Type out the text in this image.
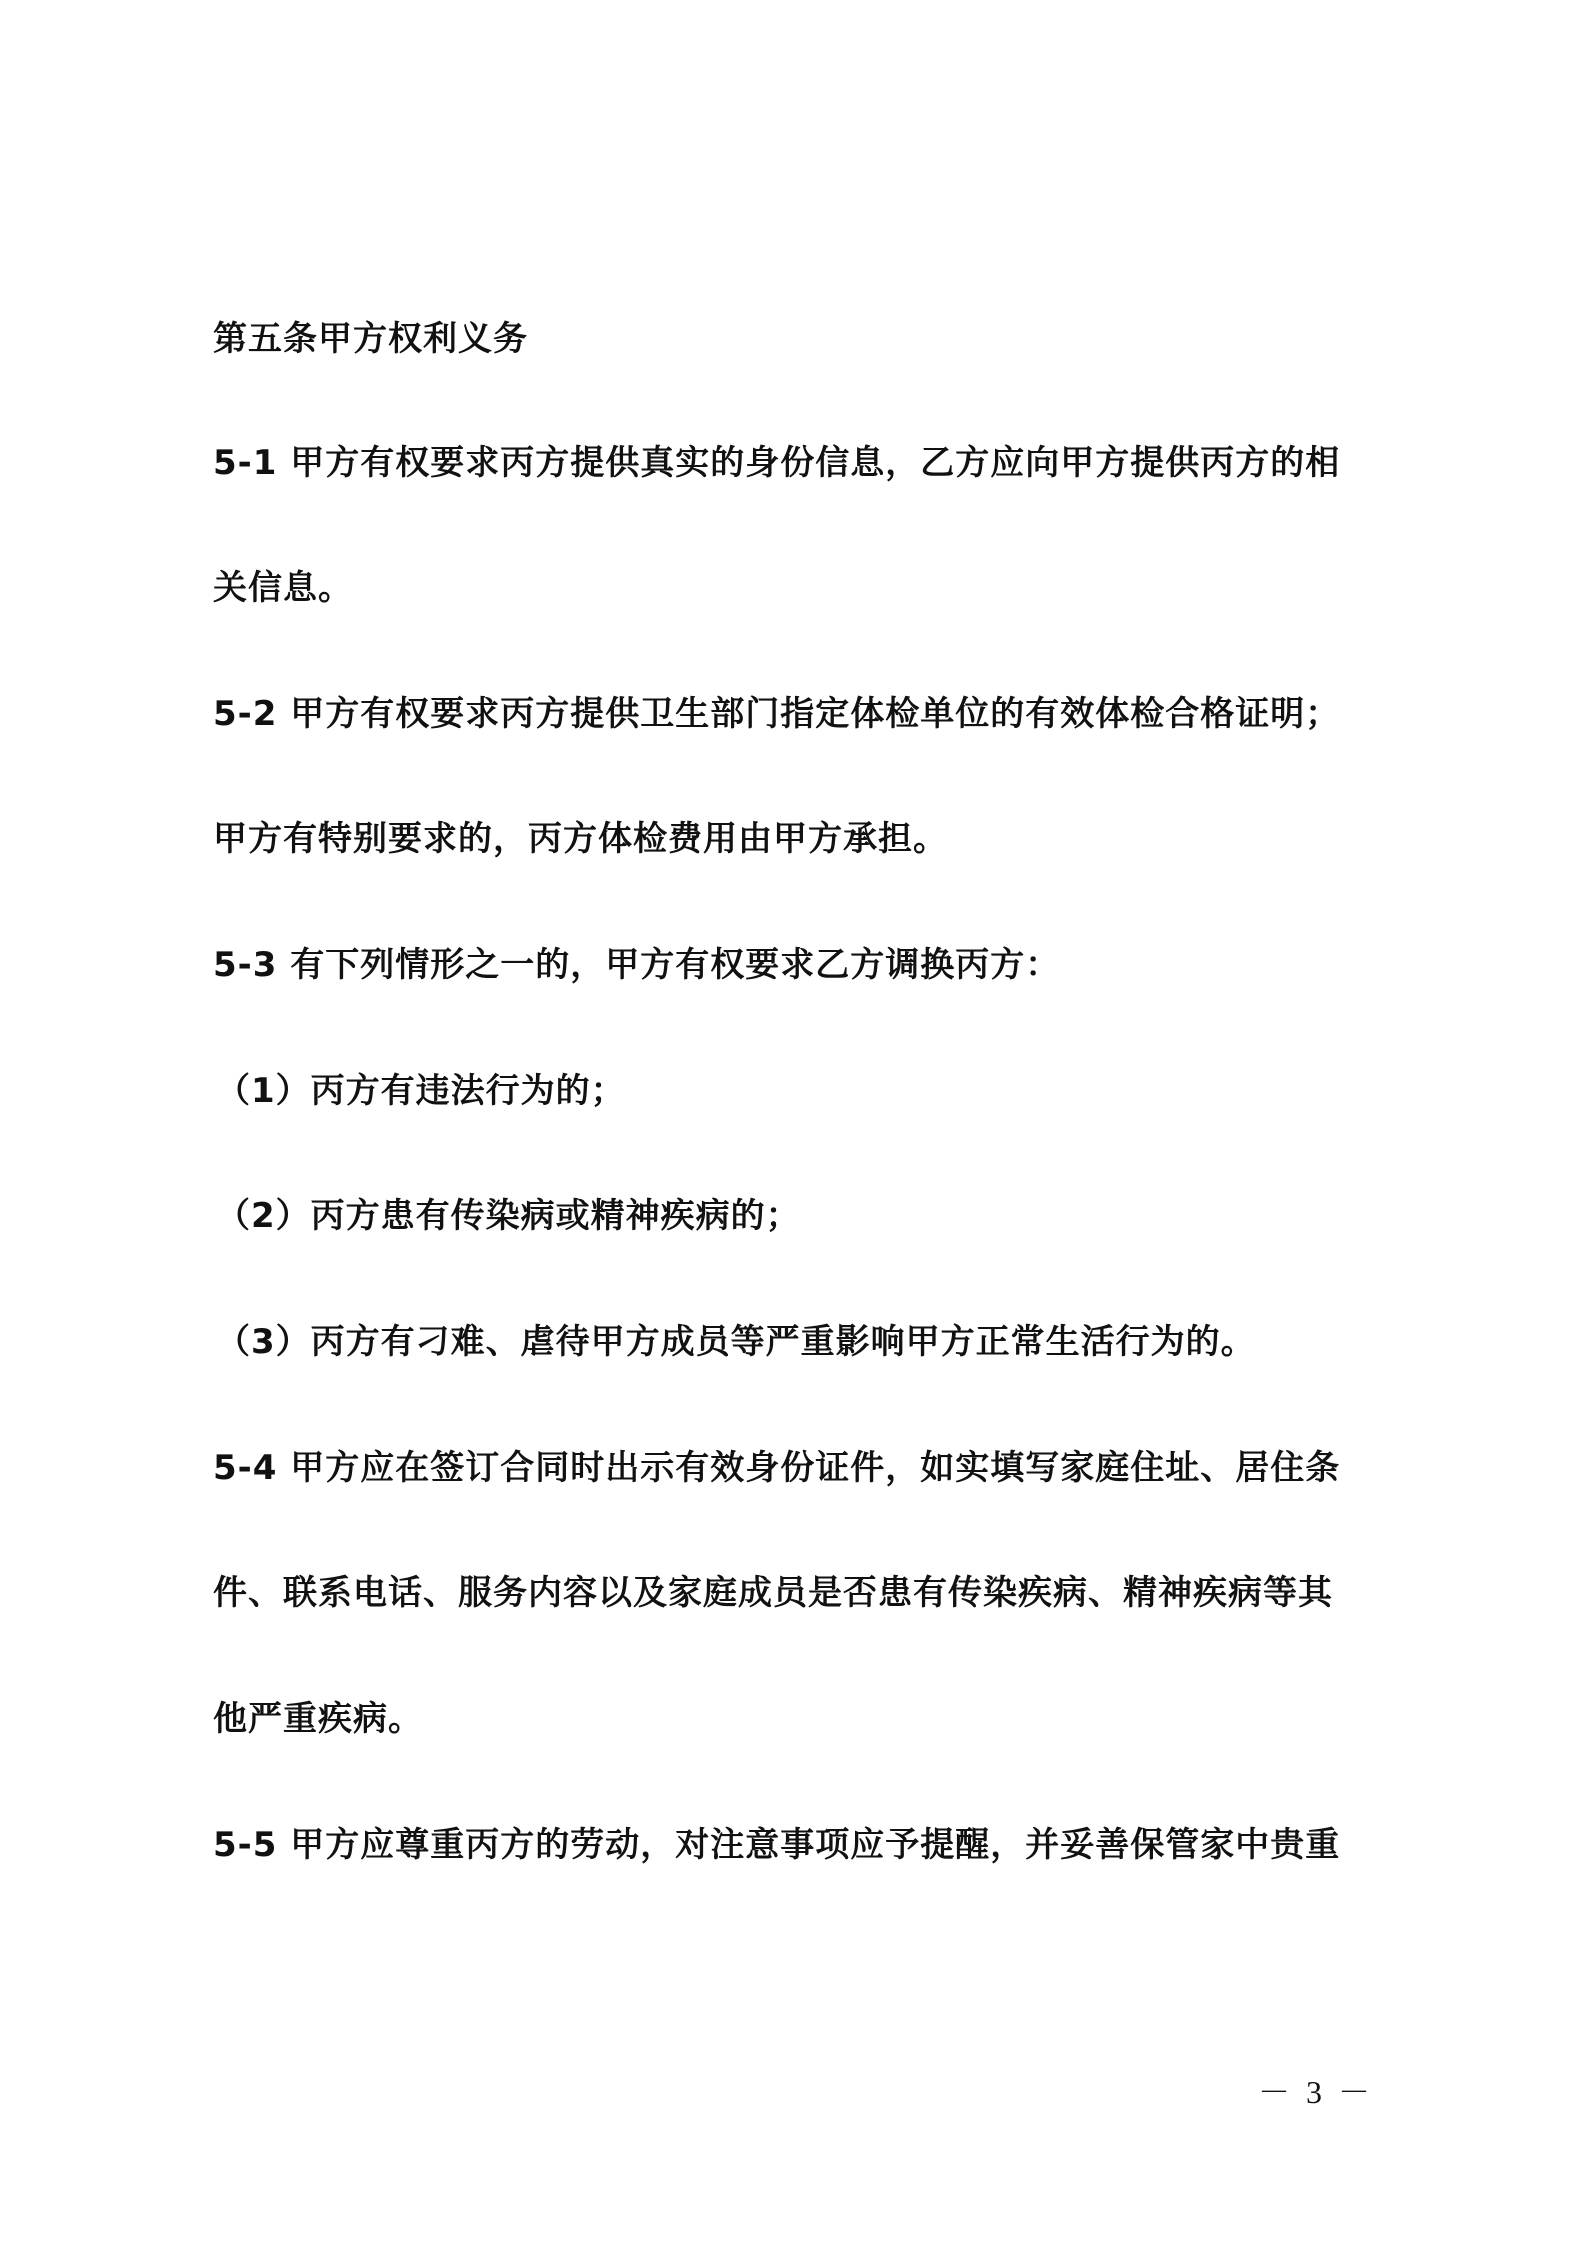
第五条甲方权利义务
5-1 甲方有权要求丙方提供真实的身份信息，乙方应向甲方提供丙方的相
关信息。
5-2 甲方有权要求丙方提供卫生部门指定体检单位的有效体检合格证明；
甲方有特别要求的，丙方体检费用由甲方承担。
5-3 有下列情形之一的，甲方有权要求乙方调换丙方：
（1）丙方有违法行为的；
（2）丙方患有传染病或精神疾病的；
（3）丙方有刁难、虐待甲方成员等严重影响甲方正常生活行为的。
5-4 甲方应在签订合同时出示有效身份证件，如实填写家庭住址、居住条
件、联系电话、服务内容以及家庭成员是否患有传染疾病、精神疾病等其
他严重疾病。
5-5 甲方应尊重丙方的劳动，对注意事项应予提醒，并妥善保管家中贵重
－ 3 －
